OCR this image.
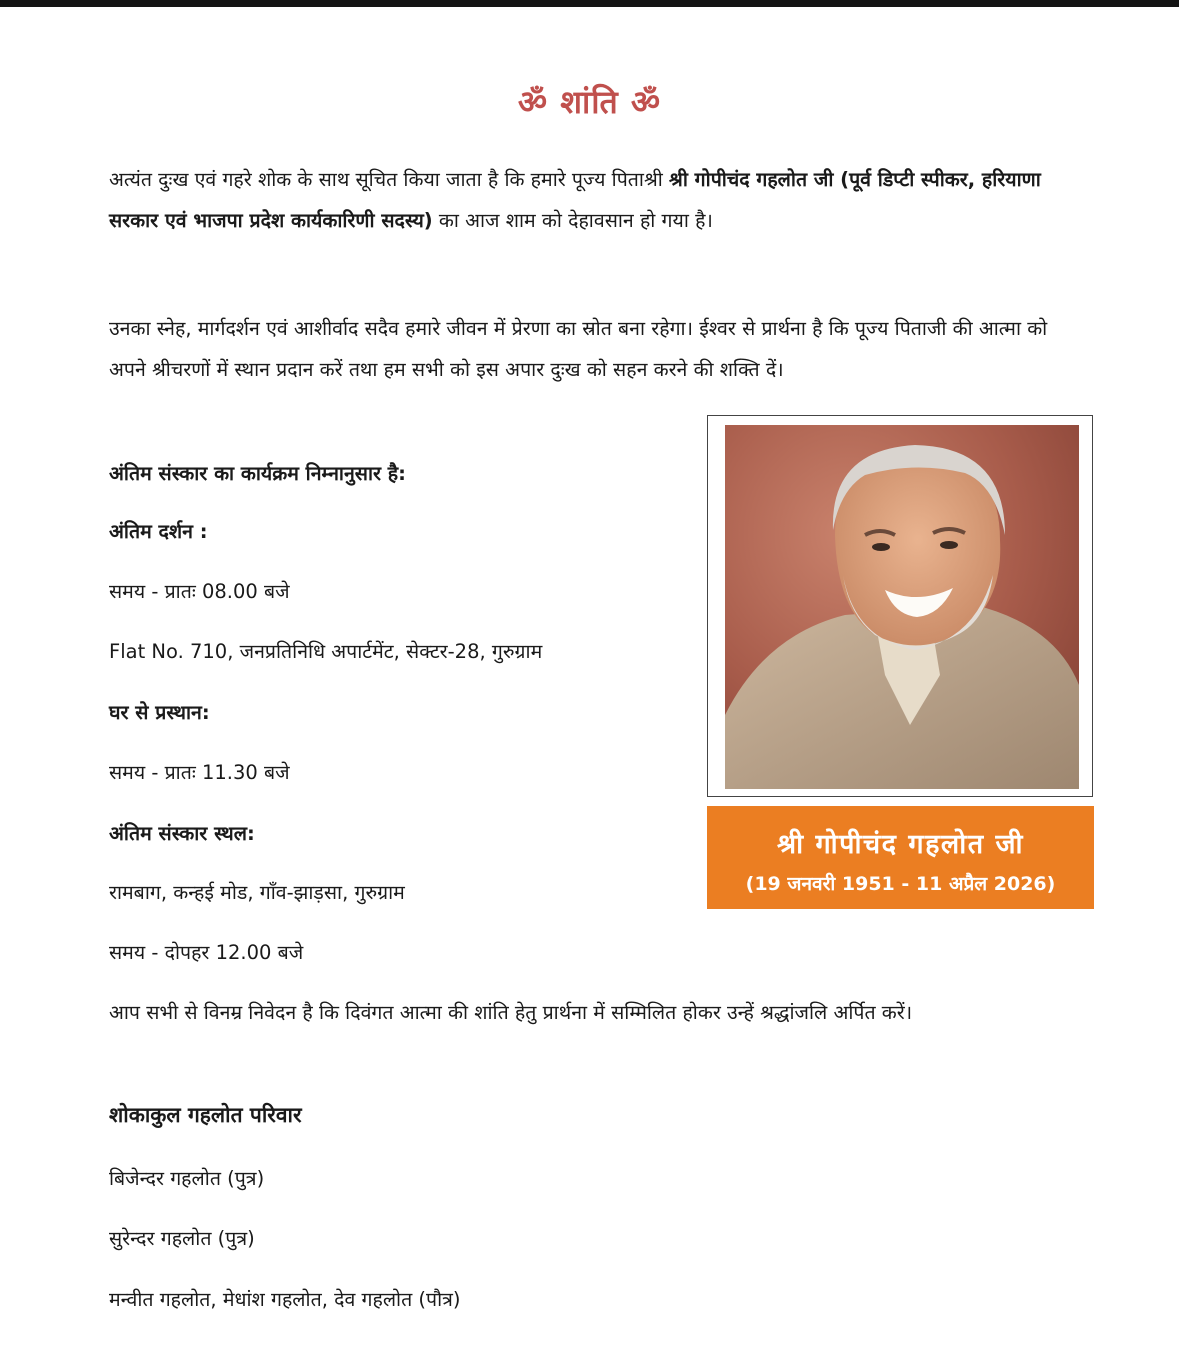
ॐ शांति ॐ

अत्यंत दुःख एवं गहरे शोक के साथ सूचित किया जाता है कि हमारे पूज्य पिताश्री श्री गोपीचंद गहलोत जी (पूर्व डिप्टी स्पीकर, हरियाणा सरकार एवं भाजपा प्रदेश कार्यकारिणी सदस्य) का आज शाम को देहावसान हो गया है।

उनका स्नेह, मार्गदर्शन एवं आशीर्वाद सदैव हमारे जीवन में प्रेरणा का स्रोत बना रहेगा। ईश्वर से प्रार्थना है कि पूज्य पिताजी की आत्मा को अपने श्रीचरणों में स्थान प्रदान करें तथा हम सभी को इस अपार दुःख को सहन करने की शक्ति दें।

अंतिम संस्कार का कार्यक्रम निम्नानुसार है:

अंतिम दर्शन :

समय - प्रातः 08.00 बजे

Flat No. 710, जनप्रतिनिधि अपार्टमेंट, सेक्टर-28, गुरुग्राम

घर से प्रस्थान:

समय - प्रातः 11.30 बजे

अंतिम संस्कार स्थल:

रामबाग, कन्हई मोड, गाँव-झाड़सा, गुरुग्राम

समय - दोपहर 12.00 बजे

आप सभी से विनम्र निवेदन है कि दिवंगत आत्मा की शांति हेतु प्रार्थना में सम्मिलित होकर उन्हें श्रद्धांजलि अर्पित करें।

शोकाकुल गहलोत परिवार

बिजेन्दर गहलोत (पुत्र)

सुरेन्दर गहलोत (पुत्र)

मन्वीत गहलोत, मेधांश गहलोत, देव गहलोत (पौत्र)

श्री गोपीचंद गहलोत जी
(19 जनवरी 1951 - 11 अप्रैल 2026)
